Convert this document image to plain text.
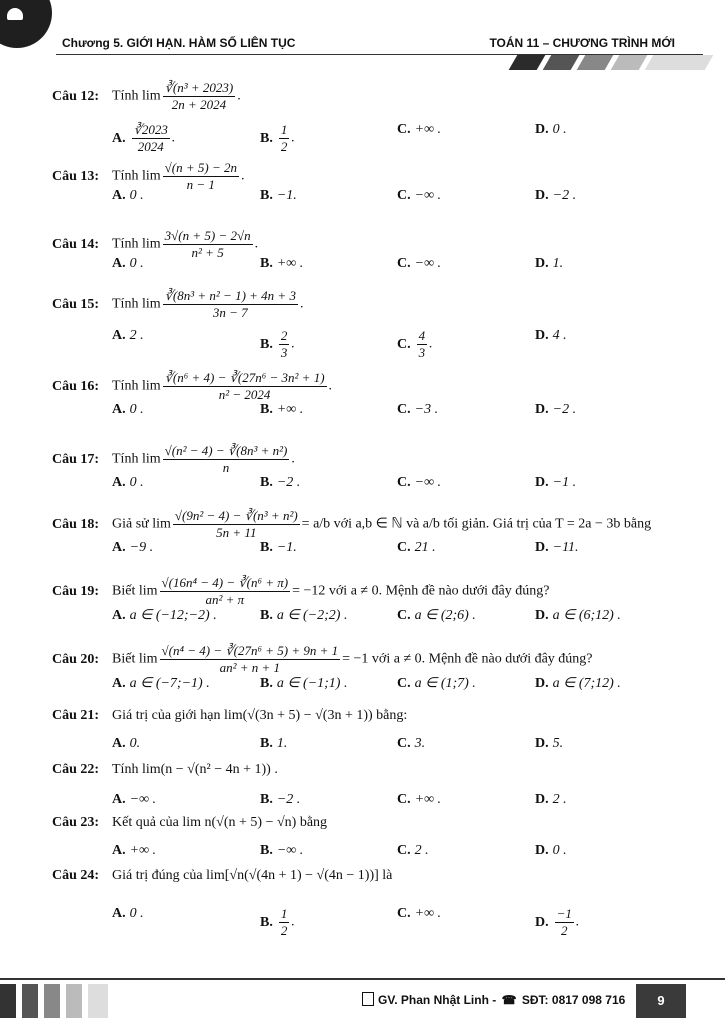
Chương 5. GIỚI HẠN. HÀM SỐ LIÊN TỤC	TOÁN 11 – CHƯƠNG TRÌNH MỚI
Câu 12: Tính $\lim \frac{\text{∛(n³ + 2023)}}{2n + 2024}$ .
A. $\frac{∛2023}{2024}$ .	B. $\frac{1}{2}$ .
C. +∞ .	D. 0 .
Câu 13: Tính $\lim \frac{√(n + 5) - 2n}{n - 1}$ .
A. 0 .	B. −1.	C. −∞ .	D. −2 .
Câu 14: Tính $\lim \frac{3√(n + 5) - 2√n}{\text{n² + 5}}$ .
A. 0 .	B. +∞ .	C. −∞ .	D. 1.
Câu 15: Tính $\lim \frac{\text{∛(8n³ + n² − 1) + 4n + 3}}{3n - 7}$ .
A. 2 .
B. $\frac{2}{3}$ .	C. $\frac{4}{3}$ .
D. 4 .
Câu 16: Tính $\lim \frac{\text{∛(n⁶ + 4) − ∛(27n⁶ − 3n² + 1)}}{\text{n² − 2024}}$ .
A. 0 .	B. +∞ .	C. −3 .	D. −2 .
Câu 17: Tính $\lim \frac{\text{√(n² − 4) − ∛(8n³ + n²)}}{n}$ .
A. 0 .	B. −2 .	C. −∞ .	D. −1 .
Câu 18: Giả sử $\lim \frac{\text{√(9n² − 4) − ∛(n³ + n²)}}{5n + 11} = a/b$ với a,b ∈ ℕ và a/b tối giản. Giá trị của T = 2a − 3b bằng
A. −9 .	B. −1.	C. 21 .	D. −11.
Câu 19: Biết $\lim \frac{\text{√(16n⁴ − 4) − ∛(n⁶ + π)}}{\text{an² + π}} = -12$ với a ≠ 0. Mệnh đề nào dưới đây đúng?
A. a ∈ (−12;−2) .	B. a ∈ (−2;2) .	C. a ∈ (2;6) .	D. a ∈ (6;12) .
Câu 20: Biết $\lim \frac{\text{√(n⁴ − 4) − ∛(27n⁶ + 5) + 9n + 1}}{\text{an² + n + 1}} = -1$ với a ≠ 0. Mệnh đề nào dưới đây đúng?
A. a ∈ (−7;−1) .	B. a ∈ (−1;1) .	C. a ∈ (1;7) .	D. a ∈ (7;12) .
Câu 21: Giá trị của giới hạn lim(√(3n + 5) − √(3n + 1)) bằng:
A. 0.	B. 1.	C. 3.	D. 5.
Câu 22: Tính lim(n − √(n² − 4n + 1)) .
A. −∞ .	B. −2 .	C. +∞ .	D. 2 .
Câu 23: Kết quả của lim n(√(n + 5) − √n) bằng
A. +∞ .	B. −∞ .	C. 2 .	D. 0 .
Câu 24: Giá trị đúng của lim[√n(√(4n + 1) − √(4n − 1))] là
A. 0 .
B. $\frac{1}{2}$ .
C. +∞ .
D. $\frac{-1}{2}$ .
GV. Phan Nhật Linh - ☎ SĐT: 0817 098 716	9
